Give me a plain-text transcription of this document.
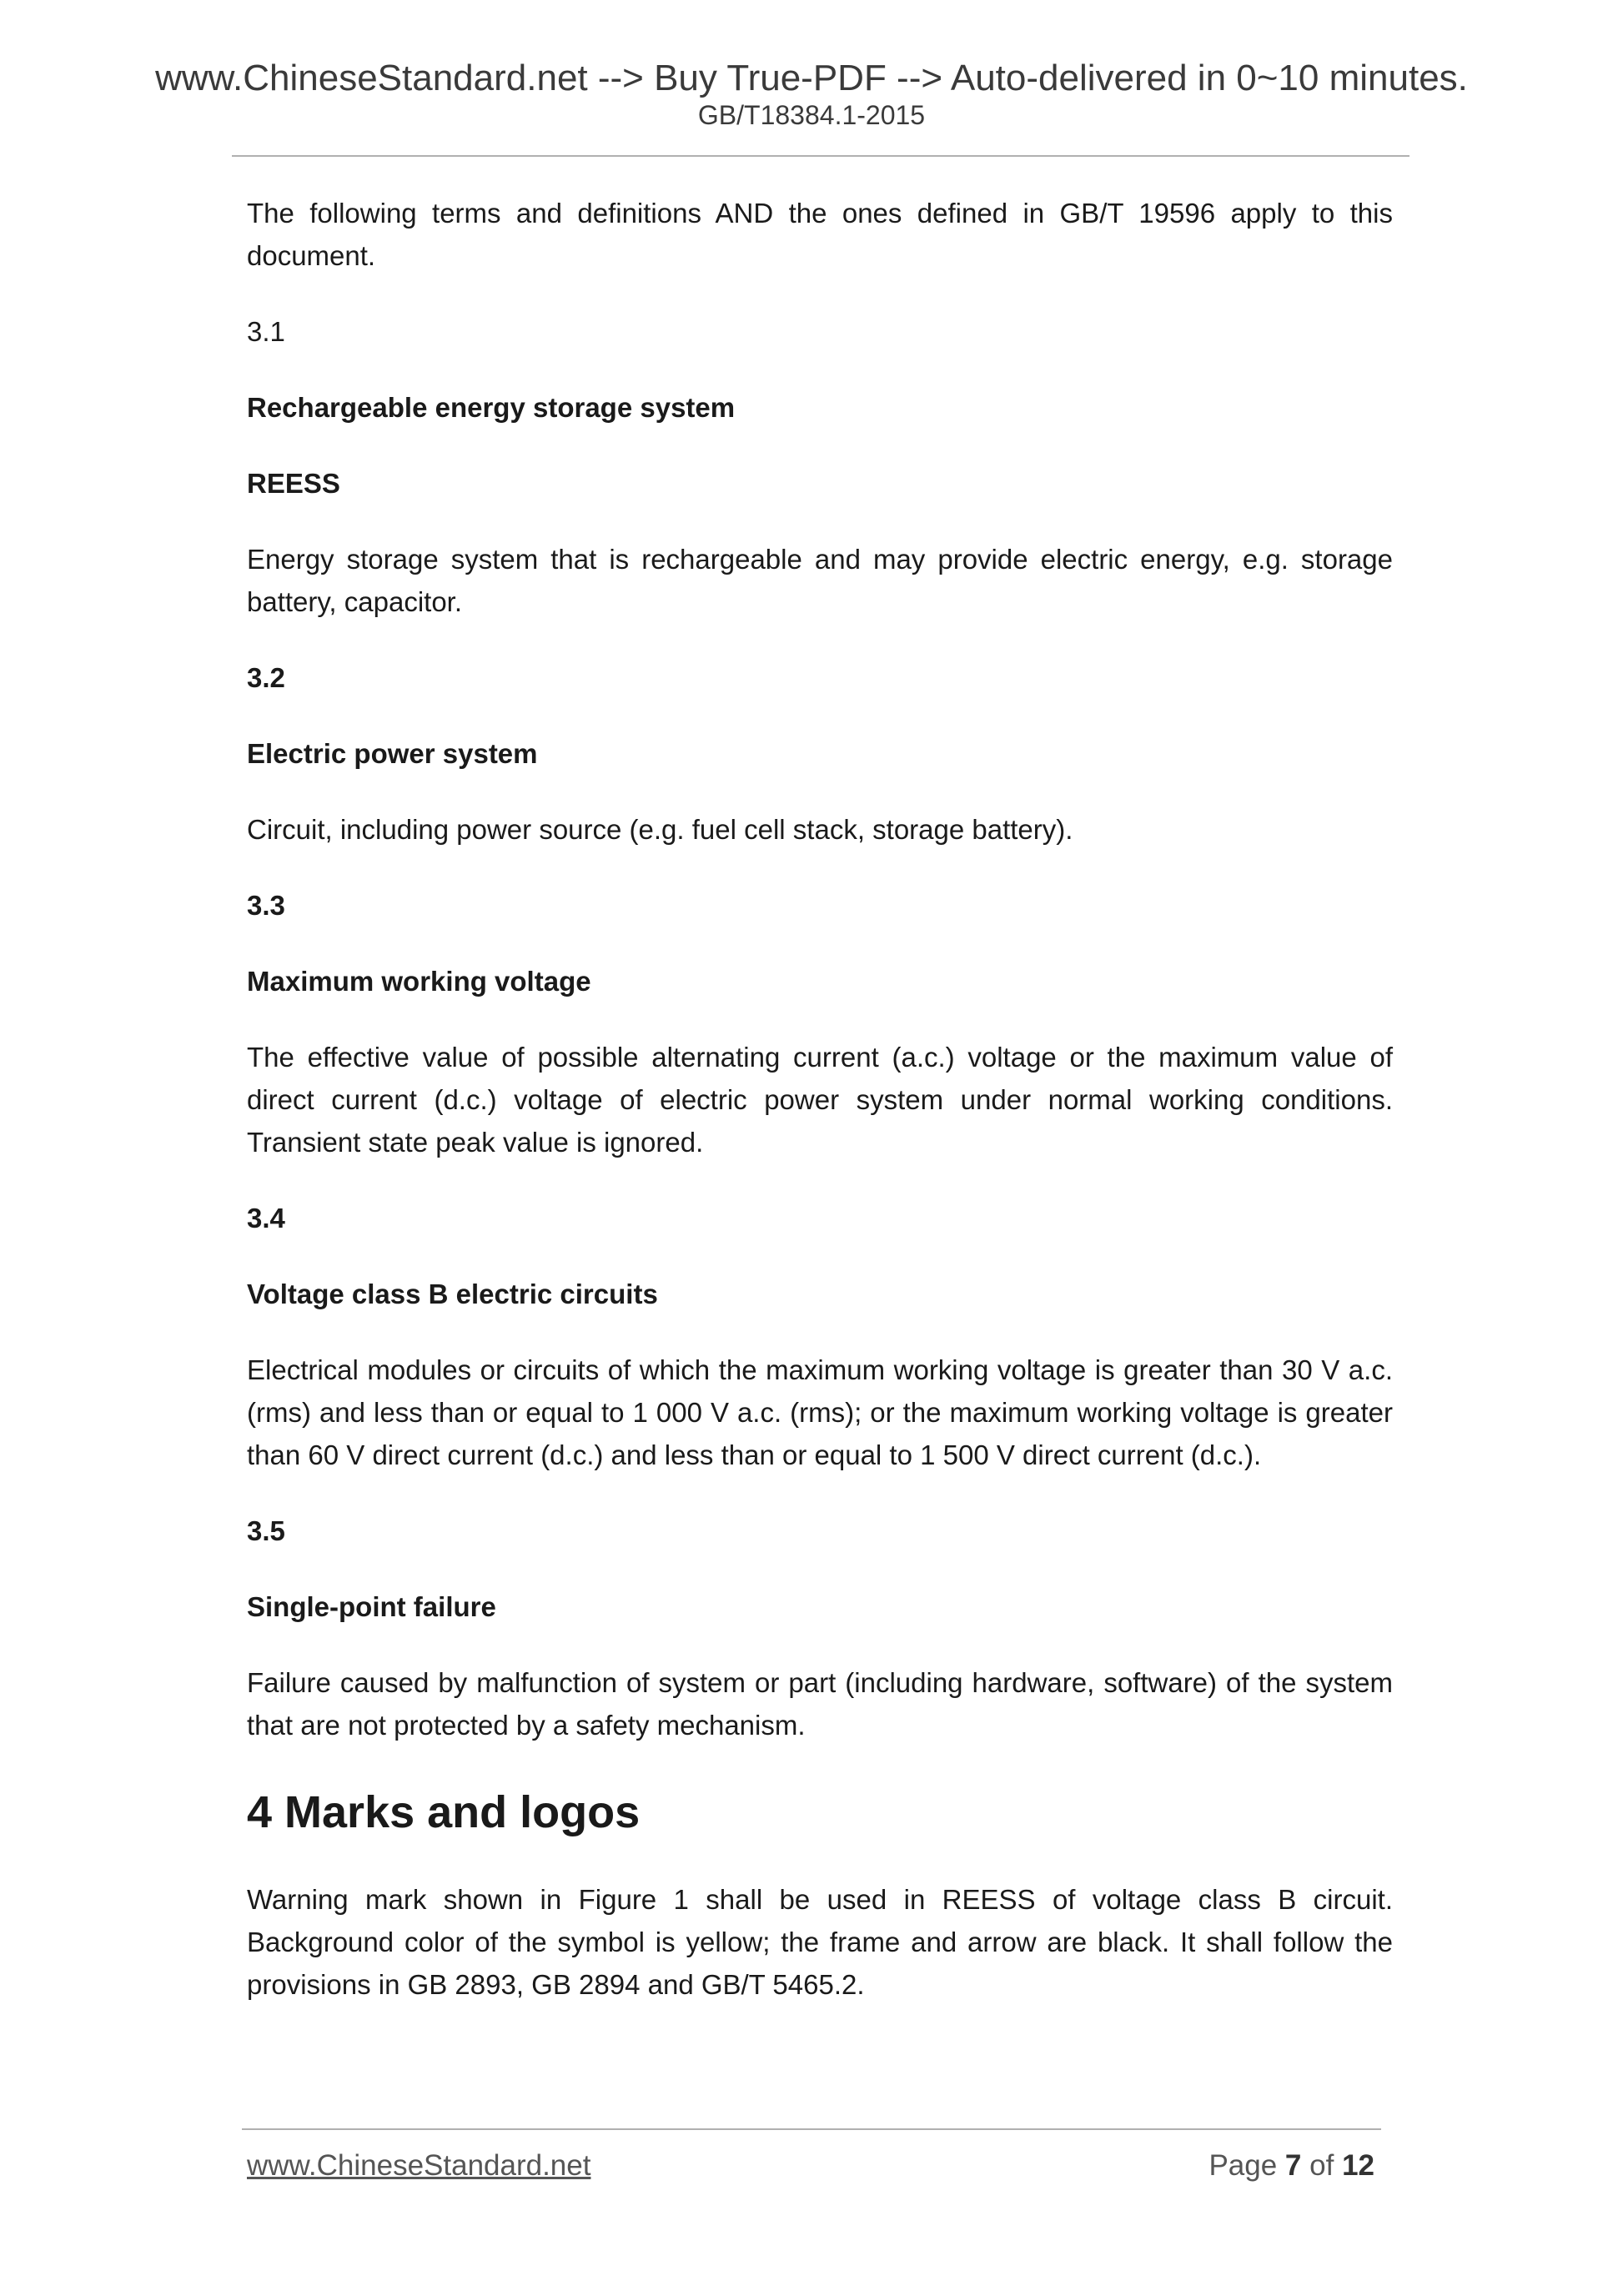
www.ChineseStandard.net --> Buy True-PDF --> Auto-delivered in 0~10 minutes.
GB/T18384.1-2015

The following terms and definitions AND the ones defined in GB/T 19596 apply to this document.

3.1

Rechargeable energy storage system

REESS

Energy storage system that is rechargeable and may provide electric energy, e.g. storage battery, capacitor.

3.2

Electric power system

Circuit, including power source (e.g. fuel cell stack, storage battery).

3.3

Maximum working voltage

The effective value of possible alternating current (a.c.) voltage or the maximum value of direct current (d.c.) voltage of electric power system under normal working conditions. Transient state peak value is ignored.

3.4

Voltage class B electric circuits

Electrical modules or circuits of which the maximum working voltage is greater than 30 V a.c. (rms) and less than or equal to 1 000 V a.c. (rms); or the maximum working voltage is greater than 60 V direct current (d.c.) and less than or equal to 1 500 V direct current (d.c.).

3.5

Single-point failure

Failure caused by malfunction of system or part (including hardware, software) of the system that are not protected by a safety mechanism.

4 Marks and logos

Warning mark shown in Figure 1 shall be used in REESS of voltage class B circuit. Background color of the symbol is yellow; the frame and arrow are black. It shall follow the provisions in GB 2893, GB 2894 and GB/T 5465.2.

www.ChineseStandard.net	Page 7 of 12
